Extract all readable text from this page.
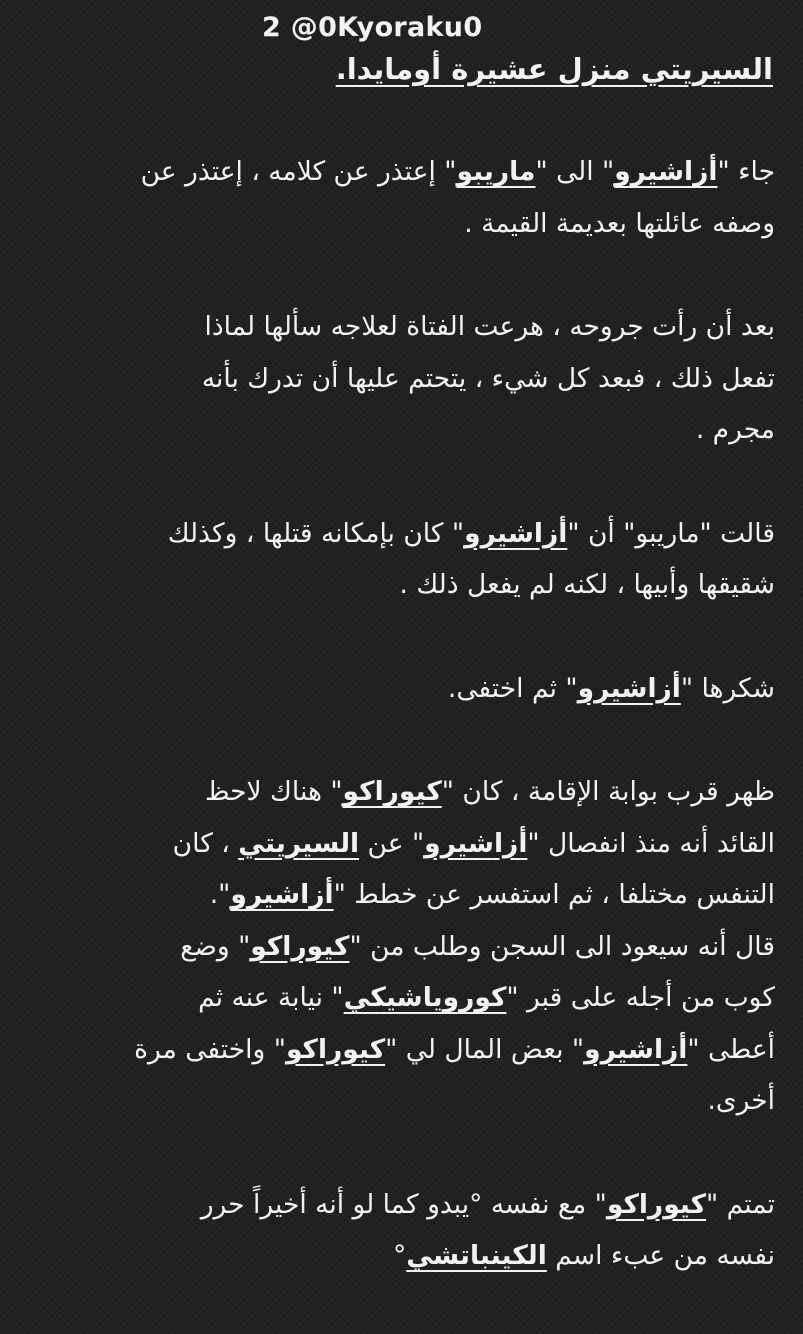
2 @0Kyoraku0
السيريتي منزل عشيرة أومايدا.
جاء "أزاشيرو" الى "ماريبو" إعتذر عن كلامه ، إعتذر عن
وصفه عائلتها بعديمة القيمة .
بعد أن رأت جروحه ، هرعت الفتاة لعلاجه سألها لماذا
تفعل ذلك ، فبعد كل شيء ، يتحتم عليها أن تدرك بأنه
مجرم .
قالت "ماريبو" أن "أزاشيرو" كان بإمكانه قتلها ، وكذلك
شقيقها وأبيها ، لكنه لم يفعل ذلك .
شكرها "أزاشيرو" ثم اختفى.
ظهر قرب بوابة الإقامة ، كان "كيوراكو" هناك لاحظ
القائد أنه منذ انفصال "أزاشيرو" عن السيريتي ، كان
التنفس مختلفا ، ثم استفسر عن خطط "أزاشيرو".
قال أنه سيعود الى السجن وطلب من "كيوراكو" وضع
كوب من أجله على قبر "كوروياشيكي" نيابة عنه ثم
أعطى "أزاشيرو" بعض المال لي "كيوراكو" واختفى مرة
أخرى.
تمتم "كيوراكو" مع نفسه °يبدو كما لو أنه أخيراً حرر
نفسه من عبء اسم الكينباتشي°
